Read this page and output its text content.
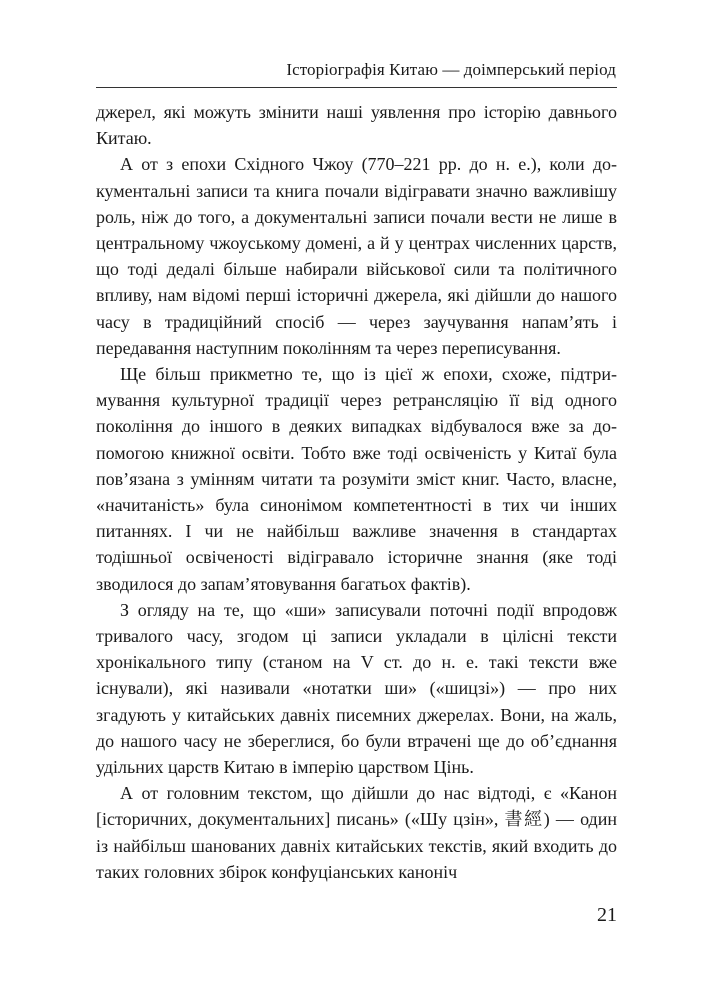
Історіографія Китаю — доімперський період

джерел, які можуть змінити наші уявлення про історію давнього Китаю.

А от з епохи Східного Чжоу (770–221 рр. до н. е.), коли документальні записи та книга почали відігравати значно важливішу роль, ніж до того, а документальні записи почали вести не лише в центральному чжоуському домені, а й у центрах численних царств, що тоді дедалі більше набирали військової сили та політичного впливу, нам відомі перші історичні джерела, які дійшли до нашого часу в традиційний спосіб — через заучування напам’ять і передавання наступним поколінням та через переписування.

Ще більш прикметно те, що із цієї ж епохи, схоже, підтримування культурної традиції через ретрансляцію її від одного покоління до іншого в деяких випадках відбувалося вже за допомогою книжної освіти. Тобто вже тоді освіченість у Китаї була пов’язана з умінням читати та розуміти зміст книг. Часто, власне, «начитаність» була синонімом компетентності в тих чи інших питаннях. І чи не найбільш важливе значення в стандартах тодішньої освіченості відігравало історичне знання (яке тоді зводилося до запам’ятовування багатьох фактів).

З огляду на те, що «ши» записували поточні події впродовж тривалого часу, згодом ці записи укладали в цілісні тексти хронікального типу (станом на V ст. до н. е. такі тексти вже існували), які називали «нотатки ши» («шицзі») — про них згадують у китайських давніх писемних джерелах. Вони, на жаль, до нашого часу не збереглися, бо були втрачені ще до об’єднання удільних царств Китаю в імперію царством Цінь.

А от головним текстом, що дійшли до нас відтоді, є «Канон [історичних, документальних] писань» («Шу цзін», 書經) — один із найбільш шанованих давніх китайських текстів, який входить до таких головних збірок конфуціанських каноніч

21
